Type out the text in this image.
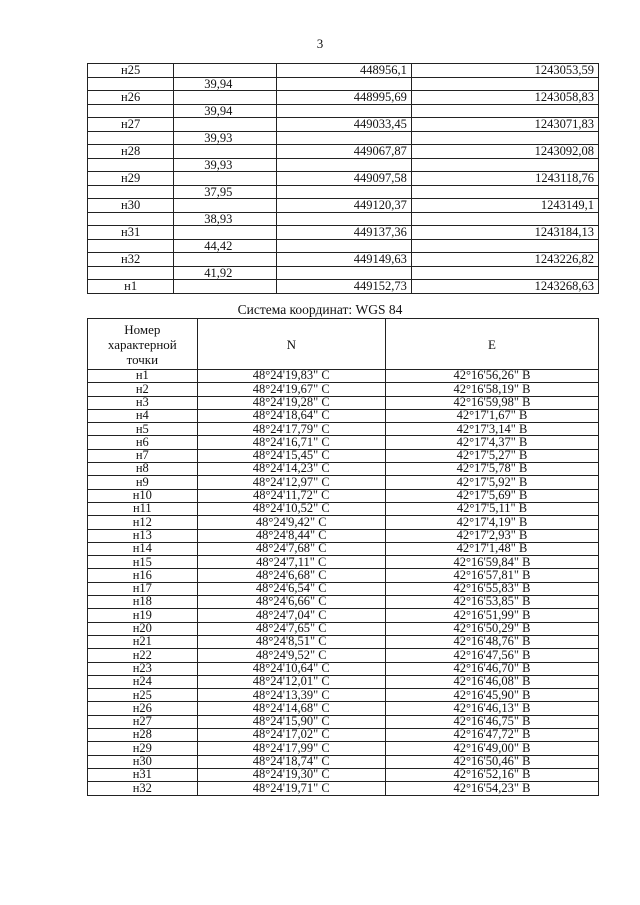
3
н25		448956,1	1243053,59
	39,94		
н26		448995,69	1243058,83
	39,94		
н27		449033,45	1243071,83
	39,93		
н28		449067,87	1243092,08
	39,93		
н29		449097,58	1243118,76
	37,95		
н30		449120,37	1243149,1
	38,93		
н31		449137,36	1243184,13
	44,42		
н32		449149,63	1243226,82
	41,92		
н1		449152,73	1243268,63
Система координат: WGS 84
Номер характерной точки	N	E
н1	48°24'19,83" С	42°16'56,26" В
н2	48°24'19,67" С	42°16'58,19" В
н3	48°24'19,28" С	42°16'59,98" В
н4	48°24'18,64" С	42°17'1,67" В
н5	48°24'17,79" С	42°17'3,14" В
н6	48°24'16,71" С	42°17'4,37" В
н7	48°24'15,45" С	42°17'5,27" В
н8	48°24'14,23" С	42°17'5,78" В
н9	48°24'12,97" С	42°17'5,92" В
н10	48°24'11,72" С	42°17'5,69" В
н11	48°24'10,52" С	42°17'5,11" В
н12	48°24'9,42" С	42°17'4,19" В
н13	48°24'8,44" С	42°17'2,93" В
н14	48°24'7,68" С	42°17'1,48" В
н15	48°24'7,11" С	42°16'59,84" В
н16	48°24'6,68" С	42°16'57,81" В
н17	48°24'6,54" С	42°16'55,83" В
н18	48°24'6,66" С	42°16'53,85" В
н19	48°24'7,04" С	42°16'51,99" В
н20	48°24'7,65" С	42°16'50,29" В
н21	48°24'8,51" С	42°16'48,76" В
н22	48°24'9,52" С	42°16'47,56" В
н23	48°24'10,64" С	42°16'46,70" В
н24	48°24'12,01" С	42°16'46,08" В
н25	48°24'13,39" С	42°16'45,90" В
н26	48°24'14,68" С	42°16'46,13" В
н27	48°24'15,90" С	42°16'46,75" В
н28	48°24'17,02" С	42°16'47,72" В
н29	48°24'17,99" С	42°16'49,00" В
н30	48°24'18,74" С	42°16'50,46" В
н31	48°24'19,30" С	42°16'52,16" В
н32	48°24'19,71" С	42°16'54,23" В
